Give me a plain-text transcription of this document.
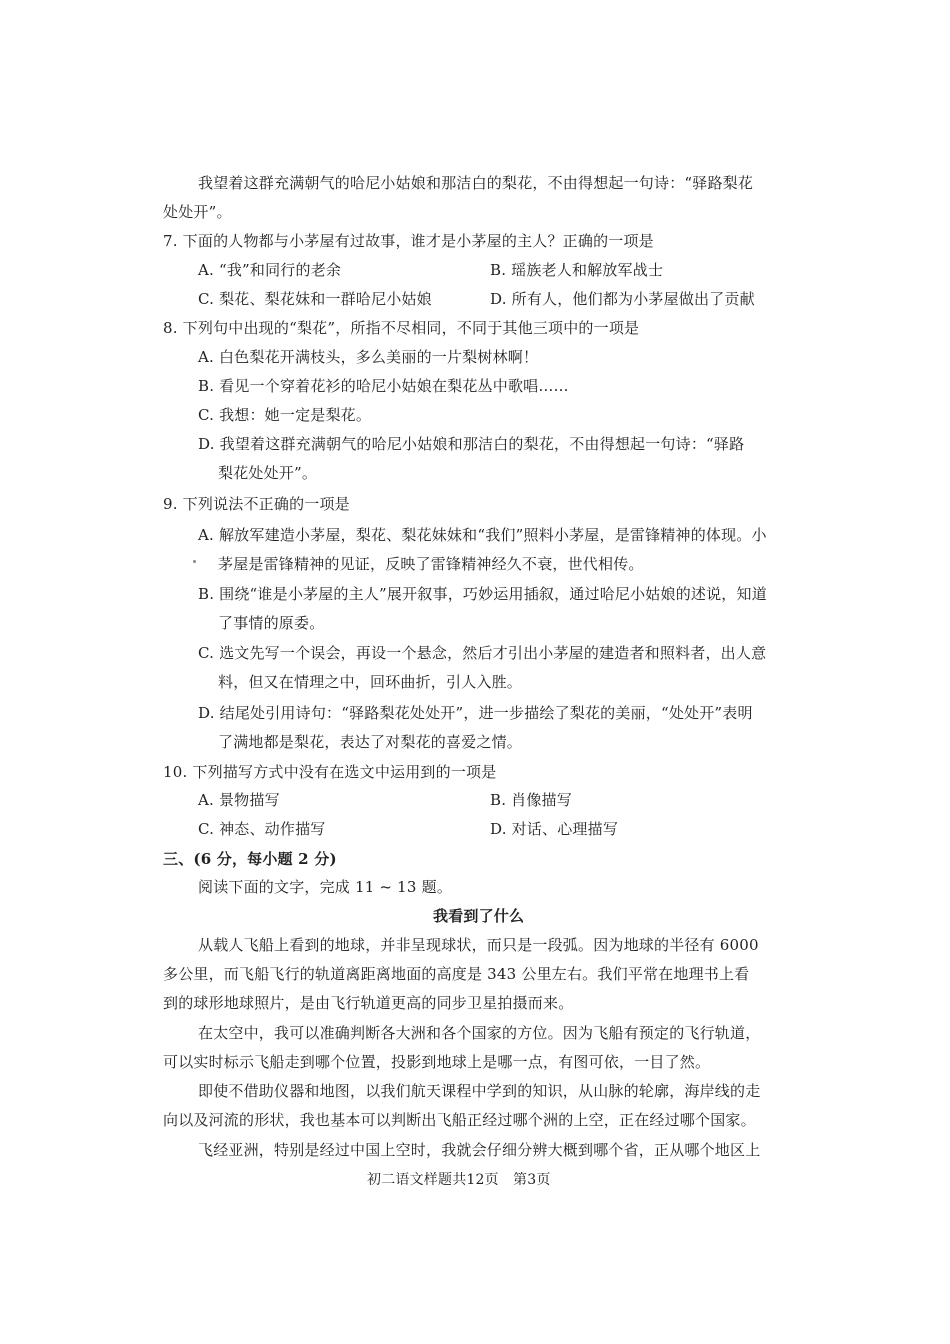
我望着这群充满朝气的哈尼小姑娘和那洁白的梨花，不由得想起一句诗：“驿路梨花
处处开”。
7. 下面的人物都与小茅屋有过故事，谁才是小茅屋的主人？正确的一项是
A. “我”和同行的老余	B. 瑶族老人和解放军战士
C. 梨花、梨花妹和一群哈尼小姑娘	D. 所有人，他们都为小茅屋做出了贡献
8. 下列句中出现的“梨花”，所指不尽相同，不同于其他三项中的一项是
A. 白色梨花开满枝头，多么美丽的一片梨树林啊！
B. 看见一个穿着花衫的哈尼小姑娘在梨花丛中歌唱……
C. 我想：她一定是梨花。
D. 我望着这群充满朝气的哈尼小姑娘和那洁白的梨花，不由得想起一句诗：“驿路
梨花处处开”。
9. 下列说法不正确的一项是
A. 解放军建造小茅屋，梨花、梨花妹妹和“我们”照料小茅屋，是雷锋精神的体现。小
茅屋是雷锋精神的见证，反映了雷锋精神经久不衰，世代相传。
B. 围绕“谁是小茅屋的主人”展开叙事，巧妙运用插叙，通过哈尼小姑娘的述说，知道
了事情的原委。
C. 选文先写一个误会，再设一个悬念，然后才引出小茅屋的建造者和照料者，出人意
料，但又在情理之中，回环曲折，引人入胜。
D. 结尾处引用诗句：“驿路梨花处处开”，进一步描绘了梨花的美丽，“处处开”表明
了满地都是梨花，表达了对梨花的喜爱之情。
10. 下列描写方式中没有在选文中运用到的一项是
A. 景物描写	B. 肖像描写
C. 神态、动作描写	D. 对话、心理描写
三、(6 分，每小题 2 分)
阅读下面的文字，完成 11 ~ 13 题。
我看到了什么
从载人飞船上看到的地球，并非呈现球状，而只是一段弧。因为地球的半径有 6000
多公里，而飞船飞行的轨道离距离地面的高度是 343 公里左右。我们平常在地理书上看
到的球形地球照片，是由飞行轨道更高的同步卫星拍摄而来。
在太空中，我可以准确判断各大洲和各个国家的方位。因为飞船有预定的飞行轨道，
可以实时标示飞船走到哪个位置，投影到地球上是哪一点，有图可依，一目了然。
即使不借助仪器和地图，以我们航天课程中学到的知识，从山脉的轮廓，海岸线的走
向以及河流的形状，我也基本可以判断出飞船正经过哪个洲的上空，正在经过哪个国家。
飞经亚洲，特别是经过中国上空时，我就会仔细分辨大概到哪个省，正从哪个地区上
初二语文样题共12页　第3页
